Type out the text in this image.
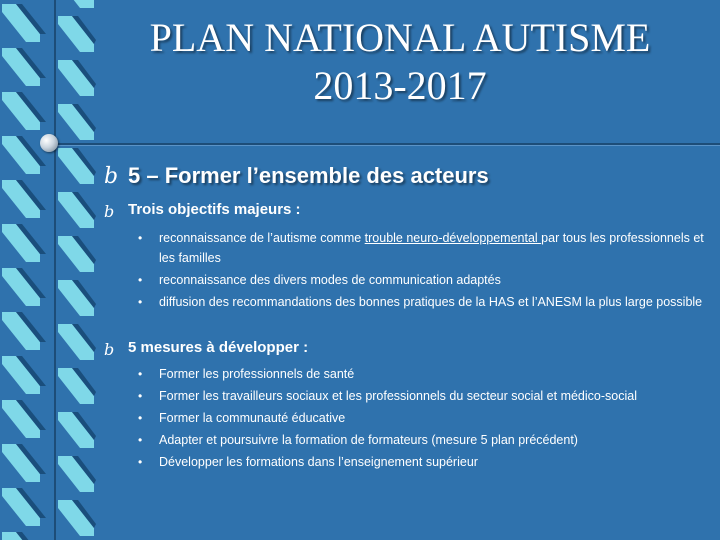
PLAN NATIONAL AUTISME
2013-2017
b 5 – Former l’ensemble des acteurs
b Trois objectifs majeurs :
• reconnaissance de l’autisme comme trouble neuro-développemental par tous les professionnels et les familles
• reconnaissance des divers modes de communication adaptés
• diffusion des recommandations des bonnes pratiques de la HAS et l’ANESM la plus large possible
b 5 mesures à développer :
• Former les professionnels de santé
• Former les travailleurs sociaux et les professionnels du secteur social et médico-social
• Former la communauté éducative
• Adapter et poursuivre la formation de formateurs (mesure 5 plan précédent)
• Développer les formations dans l’enseignement supérieur
